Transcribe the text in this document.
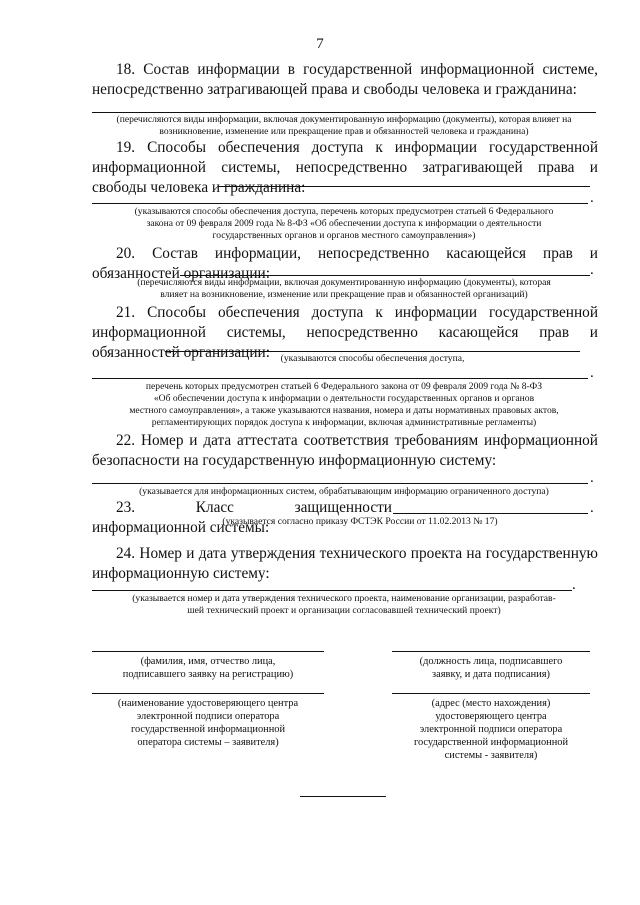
7

18. Состав информации в государственной информационной системе, непосредственно затрагивающей права и свободы человека и гражданина:

(перечисляются виды информации, включая документированную информацию (документы), которая влияет на возникновение, изменение или прекращение прав и обязанностей человека и гражданина)

19. Способы обеспечения доступа к информации государственной информационной системы, непосредственно затрагивающей права и свободы человека и гражданина:

.
(указываются способы обеспечения доступа, перечень которых предусмотрен статьей 6 Федерального
закона от 09 февраля 2009 года № 8-ФЗ «Об обеспечении доступа к информации о деятельности
государственных органов и органов местного самоуправления»)

20. Состав информации, непосредственно касающейся прав и обязанностей организации:	.
(перечисляются виды информации, включая документированную информацию (документы), которая
влияет на возникновение, изменение или прекращение прав и обязанностей организаций)

21. Способы обеспечения доступа к информации государственной информационной системы, непосредственно касающейся прав и обязанностей организации:	(указываются способы обеспечения доступа,
.
перечень которых предусмотрен статьей 6 Федерального закона от 09 февраля 2009 года № 8-ФЗ
«Об обеспечении доступа к информации о деятельности государственных органов и органов
местного самоуправления», а также указываются названия, номера и даты нормативных правовых актов,
регламентирующих порядок доступа к информации, включая административные регламенты)

22. Номер и дата аттестата соответствия требованиям информационной безопасности на государственную информационную систему:

.
(указывается для информационных систем, обрабатывающим информацию ограниченного доступа)

23. Класс защищенности информационной системы:

.
(указывается согласно приказу ФСТЭК России от 11.02.2013 № 17)

24. Номер и дата утверждения технического проекта на государственную информационную систему:

.
(указывается номер и дата утверждения технического проекта, наименование организации, разработав-
шей технический проект и организации согласовавшей технический проект)
(фамилия, имя, отчество лица,
подписавшего заявку на регистрацию)
(должность лица, подписавшего
заявку, и дата подписания)
(наименование удостоверяющего центра
электронной подписи оператора
государственной информационной
оператора системы – заявителя)
(адрес (место нахождения)
удостоверяющего центра
электронной подписи оператора
государственной информационной
системы - заявителя)
